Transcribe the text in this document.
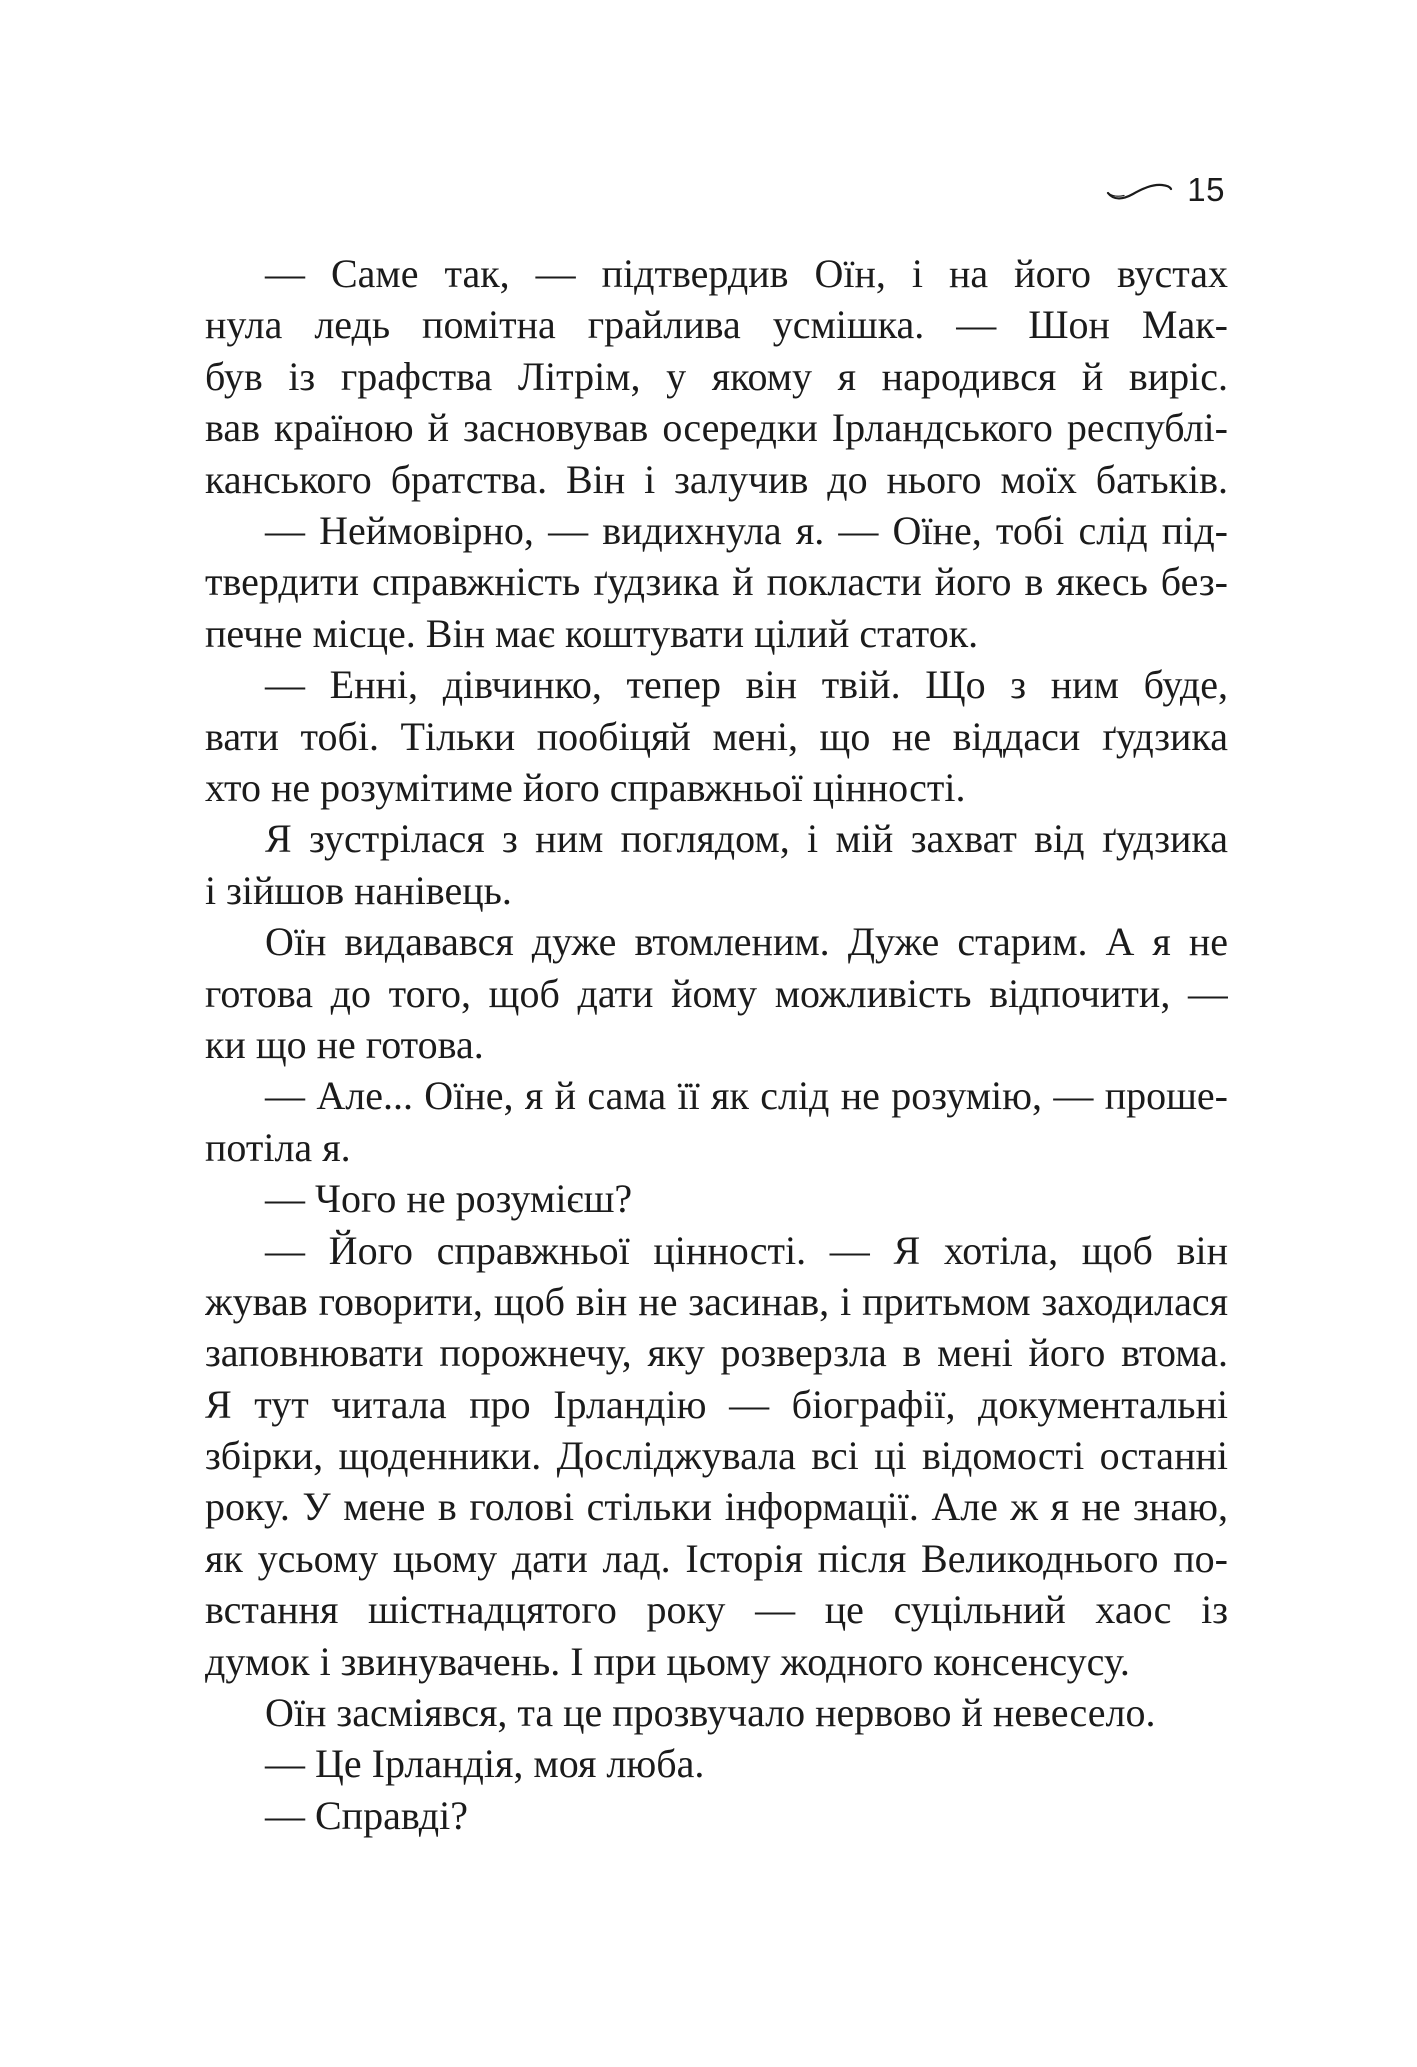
15

— Саме так, — підтвердив Оїн, і на його вустах
нула ледь помітна грайлива усмішка. — Шон Мак-
був із графства Літрім, у якому я народився й виріс.
вав країною й засновував осередки Ірландського республі-
канського братства. Він і залучив до нього моїх батьків.

— Неймовірно, — видихнула я. — Оїне, тобі слід під-
твердити справжність ґудзика й покласти його в якесь без-
печне місце. Він має коштувати цілий статок.

— Енні, дівчинко, тепер він твій. Що з ним буде,
вати тобі. Тільки пообіцяй мені, що не віддаси ґудзика
хто не розумітиме його справжньої цінності.

Я зустрілася з ним поглядом, і мій захват від ґудзика
і зійшов нанівець.

Оїн видавався дуже втомленим. Дуже старим. А я не
готова до того, щоб дати йому можливість відпочити, —
ки що не готова.

— Але... Оїне, я й сама її як слід не розумію, — проше-
потіла я.

— Чого не розумієш?

— Його справжньої цінності. — Я хотіла, щоб він
жував говорити, щоб він не засинав, і притьмом заходилася
заповнювати порожнечу, яку розверзла в мені його втома.
Я тут читала про Ірландію — біографії, документальні
збірки, щоденники. Досліджувала всі ці відомості останні
року. У мене в голові стільки інформації. Але ж я не знаю,
як усьому цьому дати лад. Історія після Великоднього по-
встання шістнадцятого року — це суцільний хаос із
думок і звинувачень. І при цьому жодного консенсусу.

Оїн засміявся, та це прозвучало нервово й невесело.

— Це Ірландія, моя люба.

— Справді?
